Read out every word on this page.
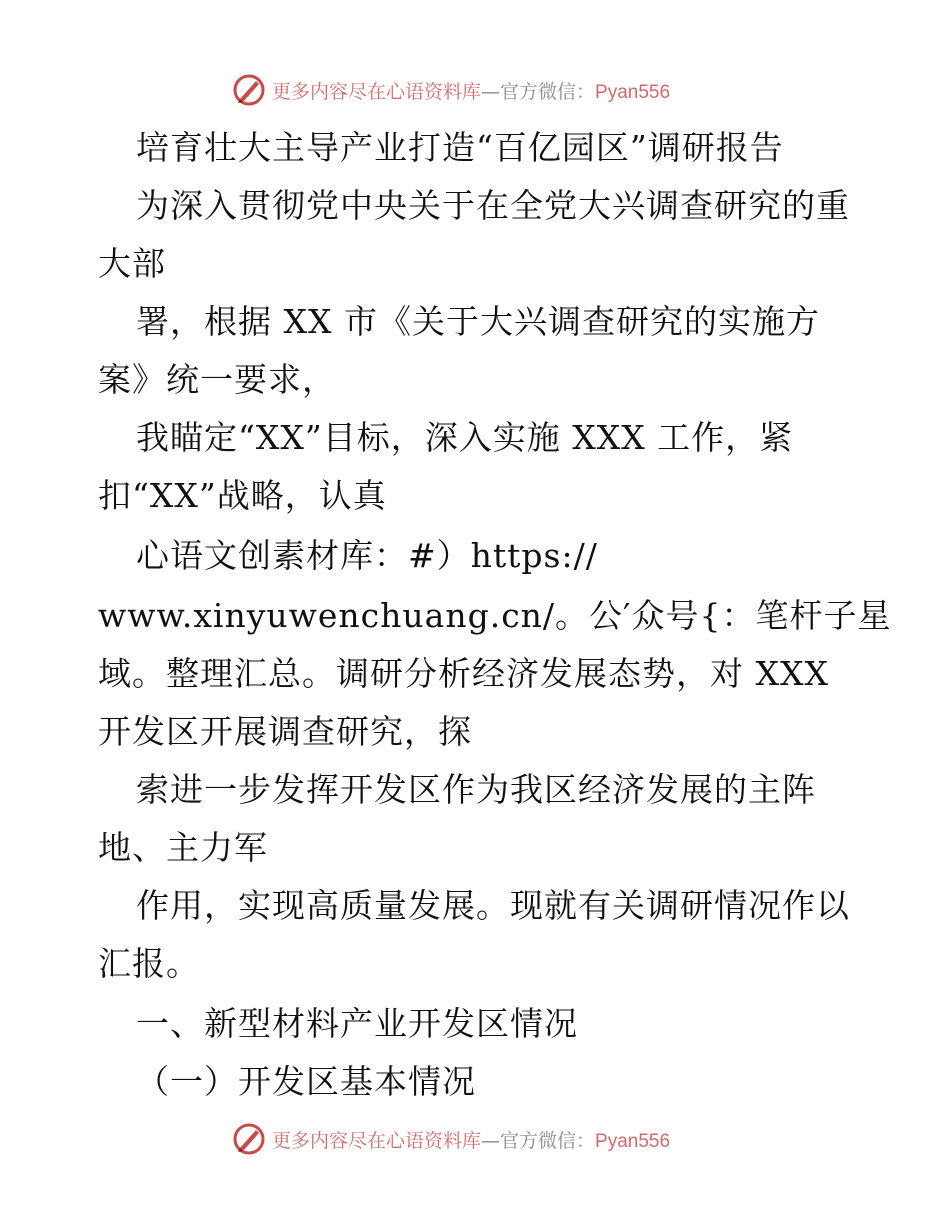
更多内容尽在心语资料库—官方微信：Pyan556
培育壮大主导产业打造“百亿园区”调研报告
为深入贯彻党中央关于在全党大兴调查研究的重
大部
署，根据 XX 市《关于大兴调查研究的实施方
案》统一要求，
我瞄定“XX”目标，深入实施 XXX 工作，紧
扣“XX”战略，认真
心语文创素材库：#）https://
www.xinyuwenchuang.cn/。公′众号{：笔杆子星
域。整理汇总。调研分析经济发展态势，对 XXX
开发区开展调查研究，探
索进一步发挥开发区作为我区经济发展的主阵
地、主力军
作用，实现高质量发展。现就有关调研情况作以
汇报。
一、新型材料产业开发区情况
（一）开发区基本情况
更多内容尽在心语资料库—官方微信：Pyan556
